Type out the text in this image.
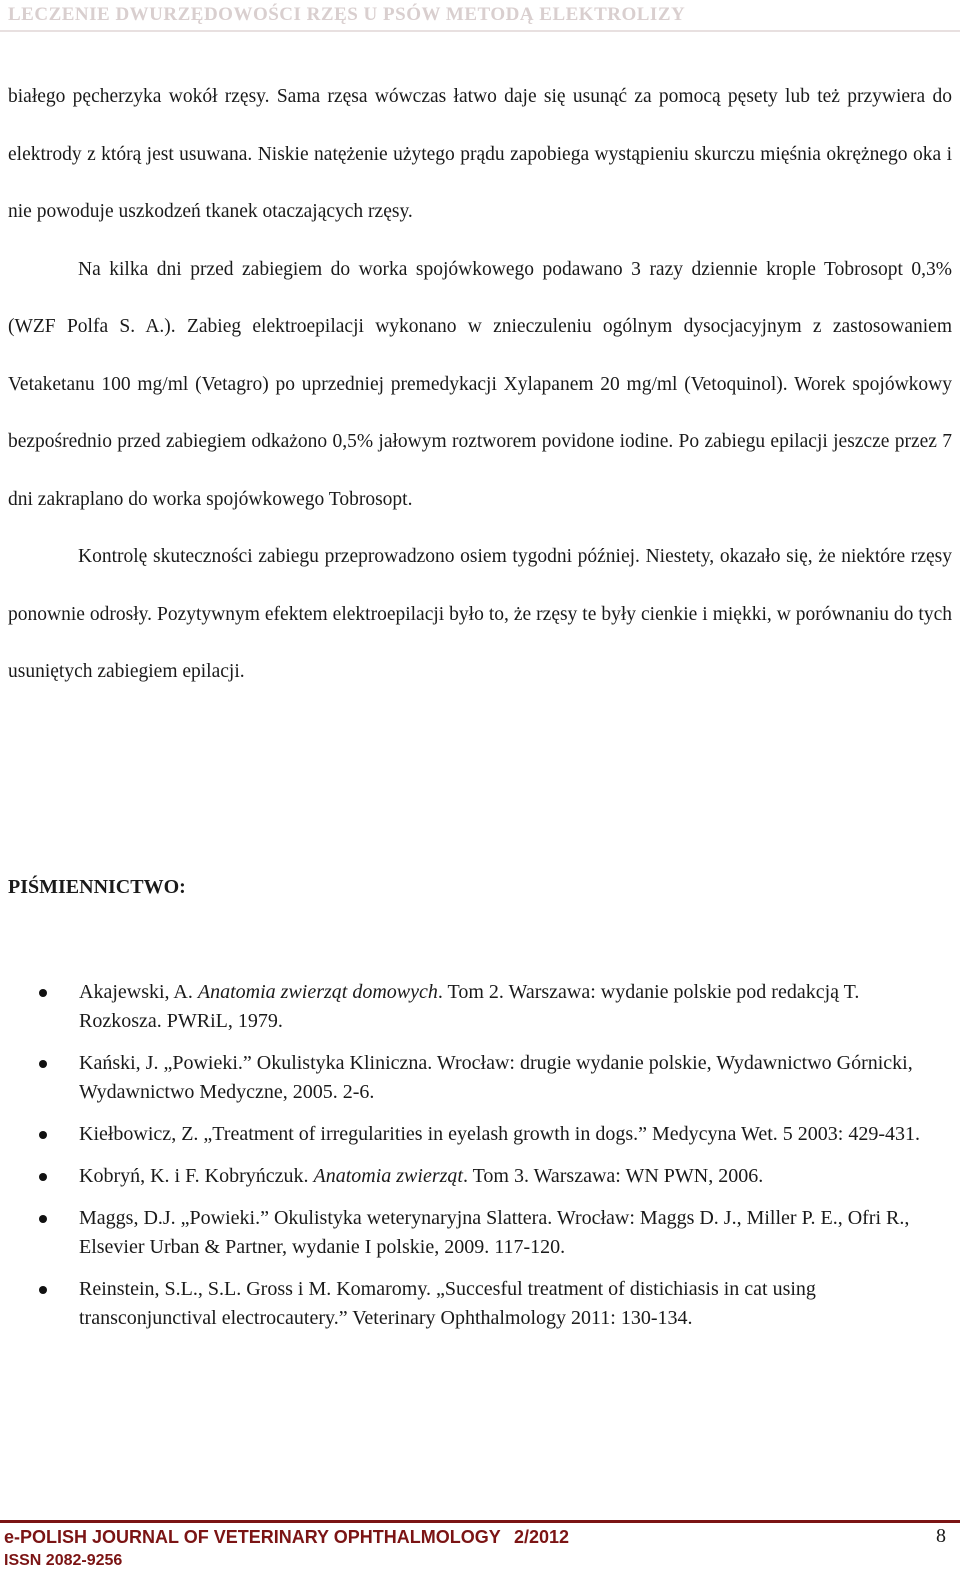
LECZENIE DWURZĘDOWOŚCI RZĘS U PSÓW METODĄ ELEKTROLIZY

białego pęcherzyka wokół rzęsy. Sama rzęsa wówczas łatwo daje się usunąć za pomocą pęsety lub też przywiera do elektrody z którą jest usuwana. Niskie natężenie użytego prądu zapobiega wystąpieniu skurczu mięśnia okrężnego oka i nie powoduje uszkodzeń tkanek otaczających rzęsy.

Na kilka dni przed zabiegiem do worka spojówkowego podawano 3 razy dziennie krople Tobrosopt 0,3% (WZF Polfa S. A.). Zabieg elektroepilacji wykonano w znieczuleniu ogólnym dysocjacyjnym z zastosowaniem Vetaketanu 100 mg/ml (Vetagro) po uprzedniej premedykacji Xylapanem 20 mg/ml (Vetoquinol). Worek spojówkowy bezpośrednio przed zabiegiem odkażono 0,5% jałowym roztworem povidone iodine. Po zabiegu epilacji jeszcze przez 7 dni zakraplano do worka spojówkowego Tobrosopt.

Kontrolę skuteczności zabiegu przeprowadzono osiem tygodni później. Niestety, okazało się, że niektóre rzęsy ponownie odrosły. Pozytywnym efektem elektroepilacji było to, że rzęsy te były cienkie i miękki, w porównaniu do tych usuniętych zabiegiem epilacji.

PIŚMIENNICTWO:
Akajewski, A. Anatomia zwierząt domowych. Tom 2. Warszawa: wydanie polskie pod redakcją T. Rozkosza. PWRiL, 1979.
Kański, J. „Powieki.” Okulistyka Kliniczna. Wrocław: drugie wydanie polskie, Wydawnictwo Górnicki, Wydawnictwo Medyczne, 2005. 2-6.
Kiełbowicz, Z. „Treatment of irregularities in eyelash growth in dogs.” Medycyna Wet. 5 2003: 429-431.
Kobryń, K. i F. Kobryńczuk. Anatomia zwierząt. Tom 3. Warszawa: WN PWN, 2006.
Maggs, D.J. „Powieki.” Okulistyka weterynaryjna Slattera. Wrocław: Maggs D. J., Miller P. E., Ofri R., Elsevier Urban & Partner, wydanie I polskie, 2009. 117-120.
Reinstein, S.L., S.L. Gross i M. Komaromy. „Succesful treatment of distichiasis in cat using transconjunctival electrocautery.” Veterinary Ophthalmology 2011: 130-134.
e-POLISH JOURNAL OF VETERINARY OPHTHALMOLOGY 2/2012	8
ISSN 2082-9256
